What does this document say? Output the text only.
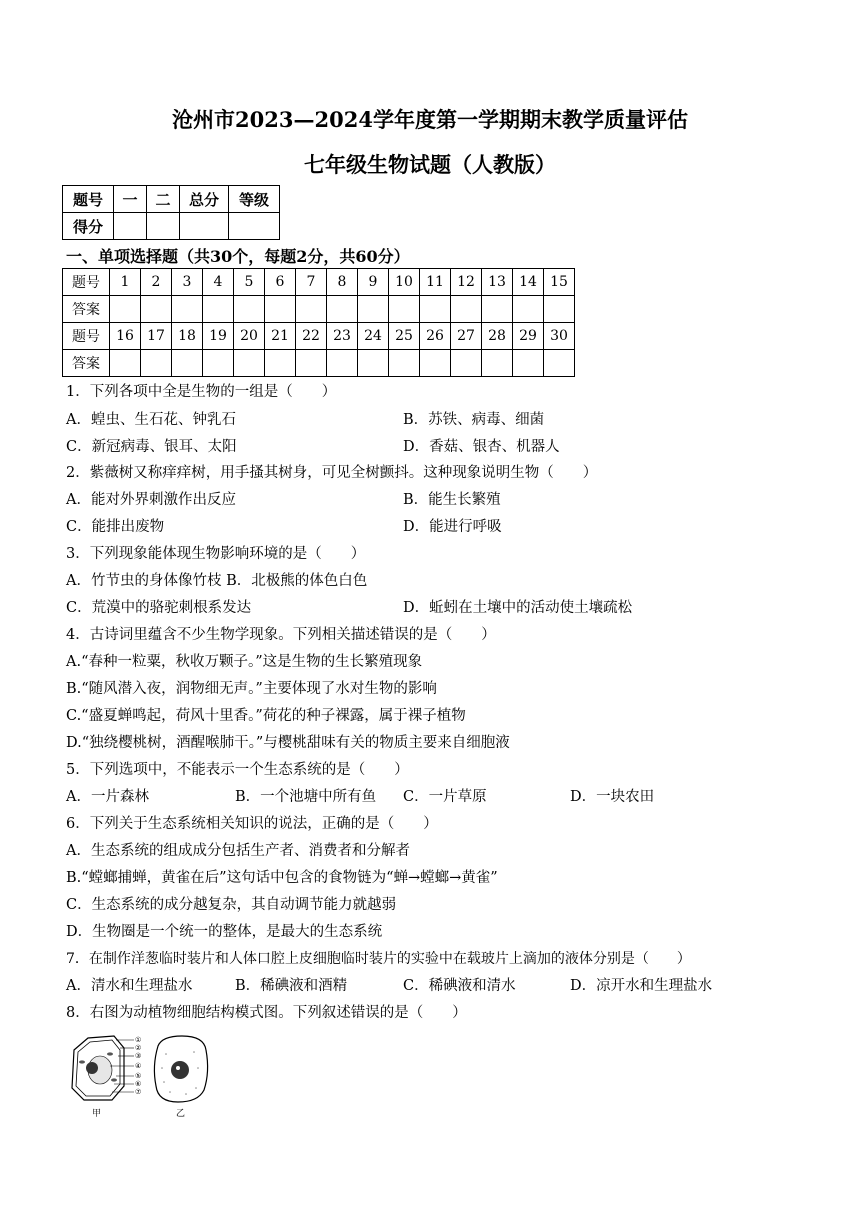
沧州市2023—2024学年度第一学期期末教学质量评估
七年级生物试题（人教版）
题号	一	二	总分	等级
得分				
一、单项选择题（共30个，每题2分，共60分）
题号	1	2	3	4	5	6	7	8	9	10	11	12	13	14	15
答案															
题号	16	17	18	19	20	21	22	23	24	25	26	27	28	29	30
答案															
1．下列各项中全是生物的一组是（　　）
A．蝗虫、生石花、钟乳石	B．苏铁、病毒、细菌
C．新冠病毒、银耳、太阳	D．香菇、银杏、机器人
2．紫薇树又称痒痒树，用手搔其树身，可见全树颤抖。这种现象说明生物（　　）
A．能对外界刺激作出反应	B．能生长繁殖
C．能排出废物	D．能进行呼吸
3．下列现象能体现生物影响环境的是（　　）
A．竹节虫的身体像竹枝 B．北极熊的体色白色
C．荒漠中的骆驼刺根系发达	D．蚯蚓在土壤中的活动使土壤疏松
4．古诗词里蕴含不少生物学现象。下列相关描述错误的是（　　）
A.“春种一粒粟，秋收万颗子。”这是生物的生长繁殖现象
B.“随风潜入夜，润物细无声。”主要体现了水对生物的影响
C.“盛夏蝉鸣起，荷风十里香。”荷花的种子裸露，属于裸子植物
D.“独绕樱桃树，酒醒喉肺干。”与樱桃甜味有关的物质主要来自细胞液
5．下列选项中，不能表示一个生态系统的是（　　）
A．一片森林	B．一个池塘中所有鱼 C．一片草原	D．一块农田
6．下列关于生态系统相关知识的说法，正确的是（　　）
A．生态系统的组成成分包括生产者、消费者和分解者
B.“螳螂捕蝉，黄雀在后”这句话中包含的食物链为“蝉→螳螂→黄雀”
C．生态系统的成分越复杂，其自动调节能力就越弱
D．生物圈是一个统一的整体，是最大的生态系统
7．在制作洋葱临时装片和人体口腔上皮细胞临时装片的实验中在载玻片上滴加的液体分别是（　　）
A．清水和生理盐水	B．稀碘液和酒精	C．稀碘液和清水	D．凉开水和生理盐水
8．右图为动植物细胞结构模式图。下列叙述错误的是（　　）
①
②
③
④
⑤
⑥
⑦
甲	乙
